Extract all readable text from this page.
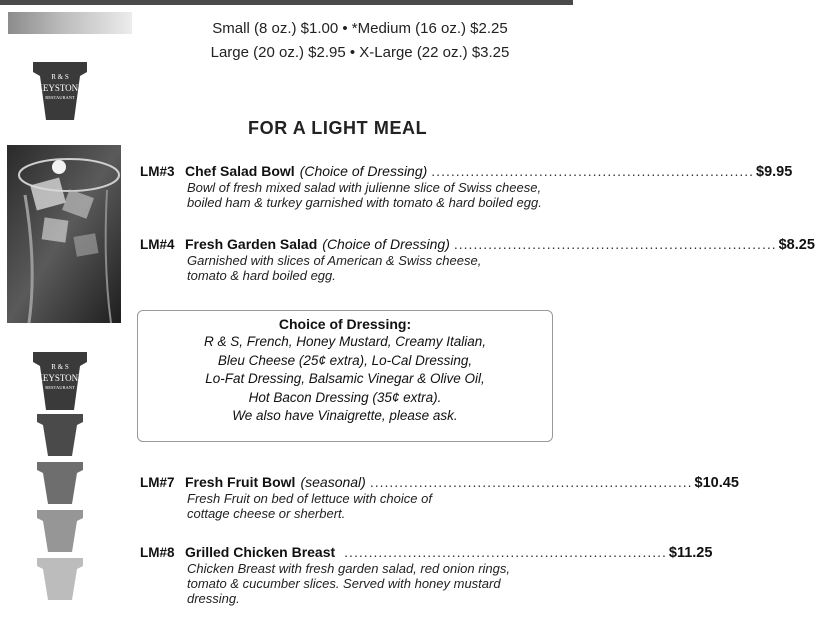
Small (8 oz.) $1.00 • *Medium (16 oz.) $2.25
Large (20 oz.) $2.95 • X-Large (22 oz.) $3.25
R & S
KEYSTONE
RESTAURANT
R & S
KEYSTONE
RESTAURANT
FOR A LIGHT MEAL
LM#3 Chef Salad Bowl (Choice of Dressing) .................................................................. $9.95
Bowl of fresh mixed salad with julienne slice of Swiss cheese,
boiled ham & turkey garnished with tomato & hard boiled egg.
LM#4 Fresh Garden Salad (Choice of Dressing) .................................................................. $8.25
Garnished with slices of American & Swiss cheese,
tomato & hard boiled egg.
Choice of Dressing:
R & S, French, Honey Mustard, Creamy Italian,
Bleu Cheese (25¢ extra), Lo-Cal Dressing,
Lo-Fat Dressing, Balsamic Vinegar & Olive Oil,
Hot Bacon Dressing (35¢ extra).
We also have Vinaigrette, please ask.
LM#7 Fresh Fruit Bowl (seasonal) .................................................................. $10.45
Fresh Fruit on bed of lettuce with choice of
cottage cheese or sherbert.
LM#8 Grilled Chicken Breast .................................................................. $11.25
Chicken Breast with fresh garden salad, red onion rings,
tomato & cucumber slices. Served with honey mustard
dressing.
